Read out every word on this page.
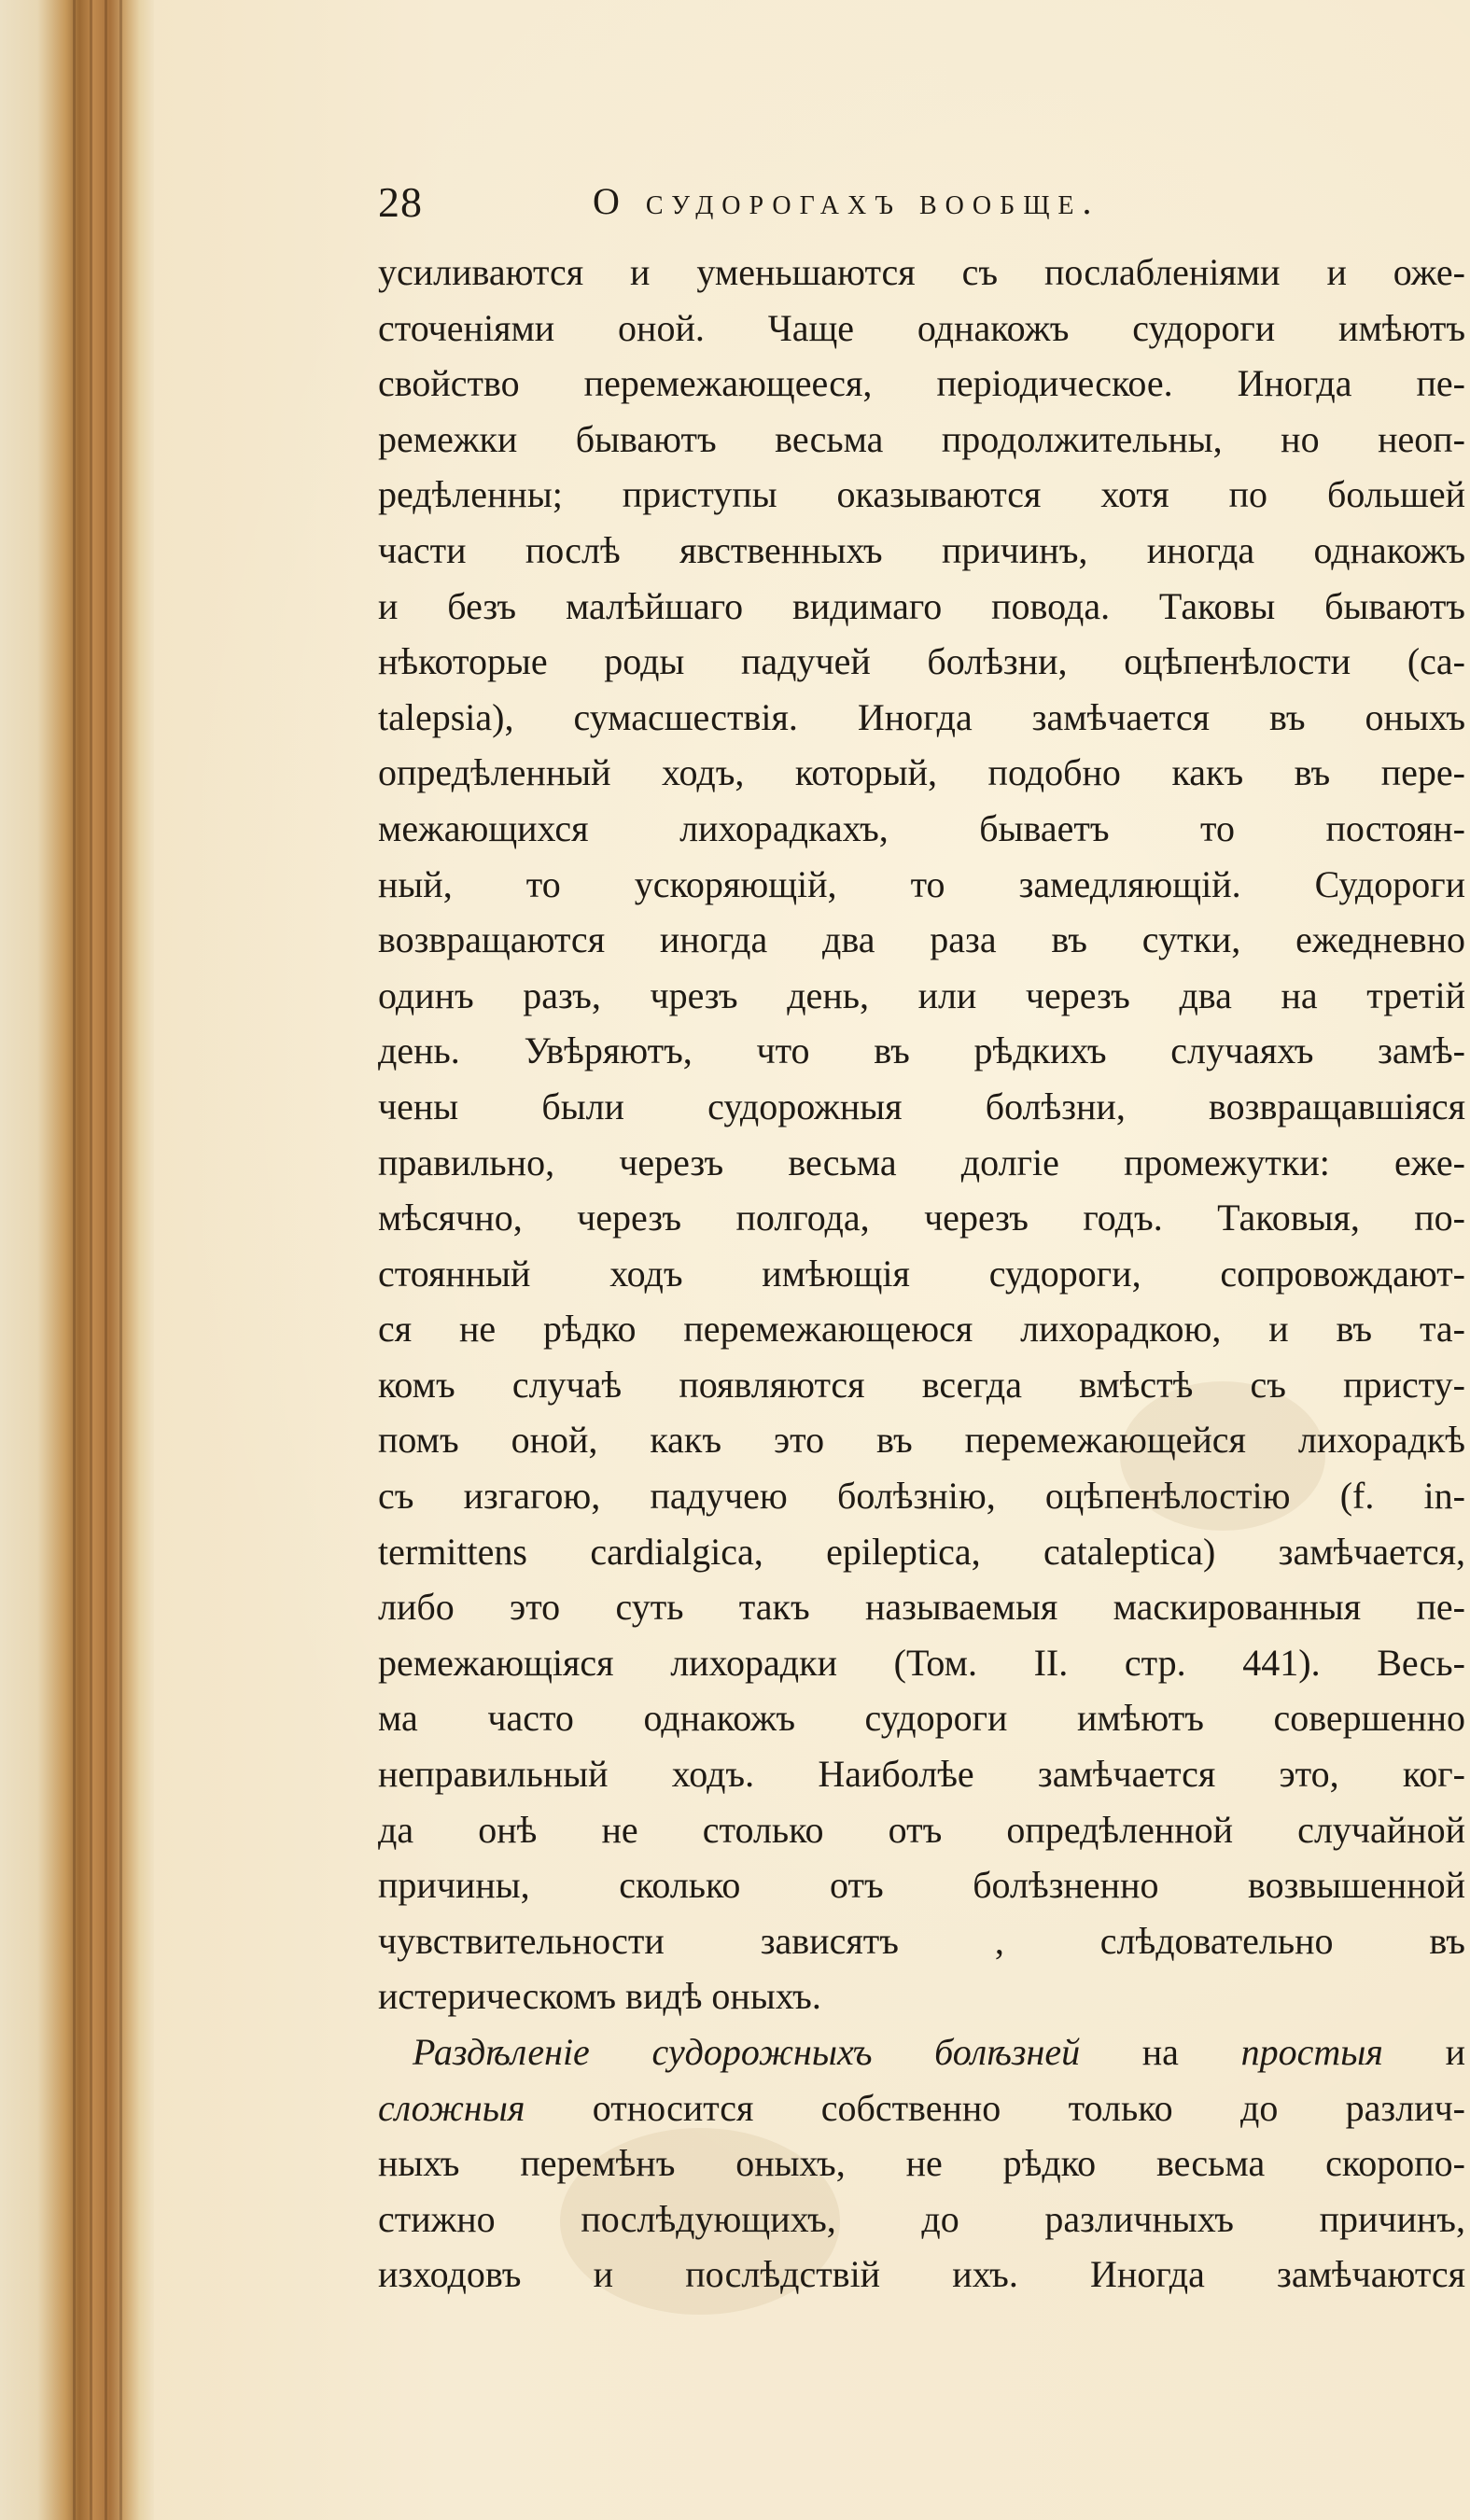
28	О судорогахъ вообще.
усиливаются и уменьшаются съ послабленіями и оже-
сточеніями оной. Чаще однакожъ судороги имѣютъ
свойство перемежающееся, періодическое. Иногда пе-
ремежки бываютъ весьма продолжительны, но неоп-
редѣленны; приступы оказываются хотя по большей
части послѣ явственныхъ причинъ, иногда однакожъ
и безъ малѣйшаго видимаго повода. Таковы бываютъ
нѣкоторые роды падучей болѣзни, оцѣпенѣлости (ca-
talepsia), сумасшествія. Иногда замѣчается въ оныхъ
опредѣленный ходъ, который, подобно какъ въ пере-
межающихся лихорадкахъ, бываетъ то постоян-
ный, то ускоряющій, то замедляющій. Судороги
возвращаются иногда два раза въ сутки, ежедневно
одинъ разъ, чрезъ день, или черезъ два на третій
день. Увѣряютъ, что въ рѣдкихъ случаяхъ замѣ-
чены были судорожныя болѣзни, возвращавшіяся
правильно, черезъ весьма долгіе промежутки: еже-
мѣсячно, черезъ полгода, черезъ годъ. Таковыя, по-
стоянный ходъ имѣющія судороги, сопровождают-
ся не рѣдко перемежающеюся лихорадкою, и въ та-
комъ случаѣ появляются всегда вмѣстѣ съ присту-
помъ оной, какъ это въ перемежающейся лихорадкѣ
съ изгагою, падучею болѣзнію, оцѣпенѣлостію (f. in-
termittens cardialgica, epileptica, cataleptica) замѣчается,
либо это суть такъ называемыя маскированныя пе-
ремежающіяся лихорадки (Том. II. стр. 441). Весь-
ма часто однакожъ судороги имѣютъ совершенно
неправильный ходъ. Наиболѣе замѣчается это, ког-
да онѣ не столько отъ опредѣленной случайной
причины, сколько отъ болѣзненно возвышенной
чувствительности зависятъ , слѣдовательно въ
истерическомъ видѣ оныхъ.
Раздѣленіе судорожныхъ болѣзней на простыя и
сложныя относится собственно только до различ-
ныхъ перемѣнъ оныхъ, не рѣдко весьма скоропо-
стижно послѣдующихъ, до различныхъ причинъ,
изходовъ и послѣдствій ихъ. Иногда замѣчаются
